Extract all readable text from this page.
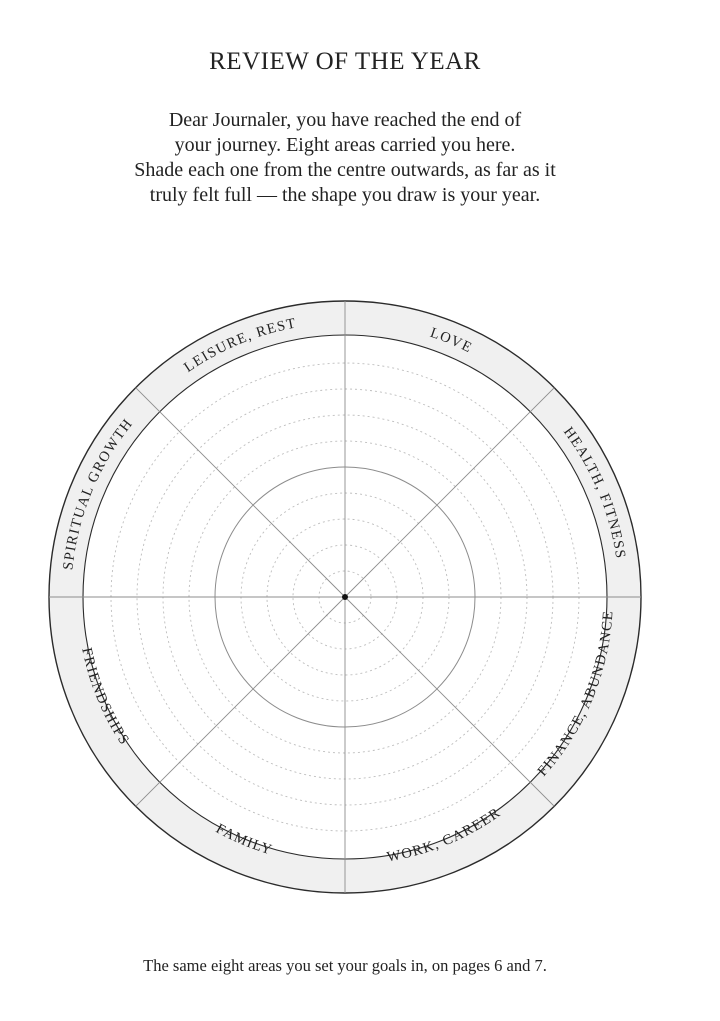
REVIEW OF THE YEAR
Dear Journaler, you have reached the end of
your journey. Eight areas carried you here.
Shade each one from the centre outwards, as far as it
truly felt full — the shape you draw is your year.
LOVE
HEALTH, FITNESS
FINANCE, ABUNDANCE
WORK, CAREER
FAMILY
FRIENDSHIPS
SPIRITUAL GROWTH
LEISURE, REST

The same eight areas you set your goals in, on pages 6 and 7.
